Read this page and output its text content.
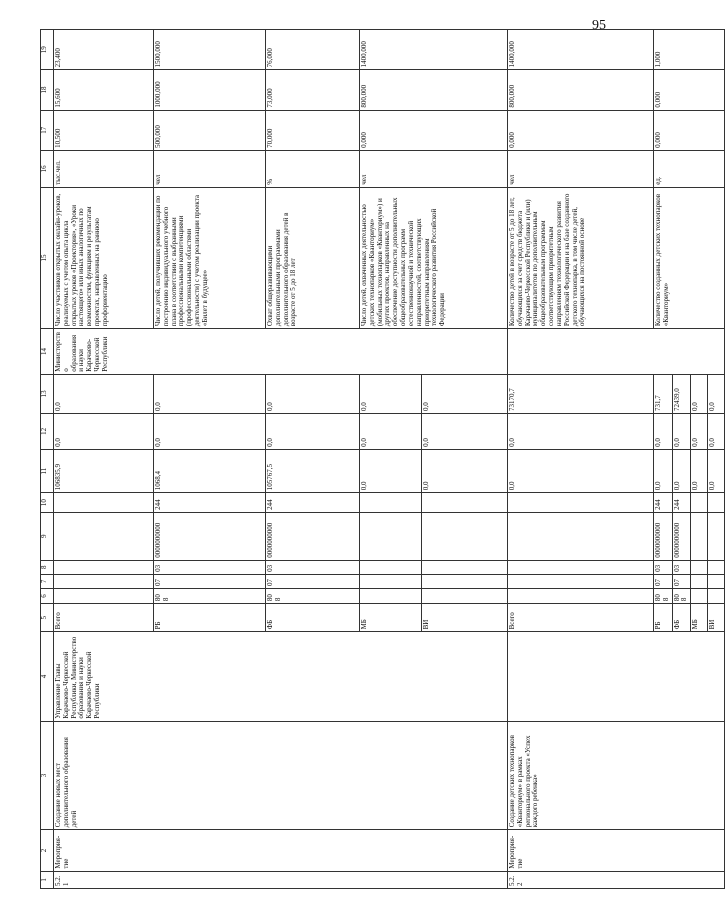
95
1	2	3	4	5	6	7	8	9	10	11	12	13	14	15	16	17	18	19
5.2.1	Мероприя-тие	Создание новых мест дополнительного образования детей	Управление Главы Карачаево-Черкесской Республики, Министерство образования и науки Карачаево-Черкесской Республики	Всего						106835,9	0,0	0,0	Министерство образования и науки Карачаево-Черкесской Республики	Число участников открытых онлайн-уроков, реализуемых с учетом опыта цикла открытых уроков «Проектория», «Уроки настоящего» или иных аналогичных по возможностям, функциям и результатам проектах, направленных на раннюю профориентацию	тыс.чел.	10,500	15,600	23,400
				РБ	808	07	03	0000000000	244	1068,4	0,0	0,0		Число детей, получивших рекомендации по построению индивидуального учебного плана в соответствии с выбранными профессиональными компетенциями (профессиональными областями деятельности) с учетом реализации проекта «Билет в будущее»	чел	500,000	1000,000	1500,000
				ФБ	808	07	03	0000000000	244	105767,5	0,0	0,0		Охват общеразвивающими дополнительными программами дополнительного образования детей в возрасте от 5 до 18 лет	%	70,000	73,000	76,000
				МБ						0,0	0,0	0,0		Число детей, охваченных деятельностью детских технопарков «Кванториум» (мобильных технопарков «Кванториум») и других проектов, направленных на обеспечение доступности дополнительных общеобразовательных программ естественнонаучной и технической направленностей, соответствующих приоритетным направлениям технологического развития Российской Федерации	чел	0,000	800,000	1400,000
				ВИ						0,0	0,0	0,0						
5.2.2	Мероприя-тие	Создание детских технопарков «Кванториум» в рамках регионального проекта «Успех каждого ребенка»		Всего						0,0	0,0	73170,7		Количество детей в возрасте от 5 до 18 лет, обучающихся за счет средств бюджета Карачаево-Черкесской Республики и (или) муниципалитетов по дополнительным общеобразовательным программам соответствующим приоритетным направлениям технологического развития Российской Федерации и на базе созданного детского технопарка, в том числе детей, обучающихся на постоянной основе	чел	0,000	800,000	1400,000
				РБ	808	07	03	0000000000	244	0,0	0,0	731,7		Количество созданных детских технопарков «Кванториум»	ед.	0,000	0,000	1,000
				ФБ	808	07	03	0000000000	244	0,0	0,0	72439,0						
				МБ						0,0	0,0	0,0						
				ВИ						0,0	0,0	0,0						
